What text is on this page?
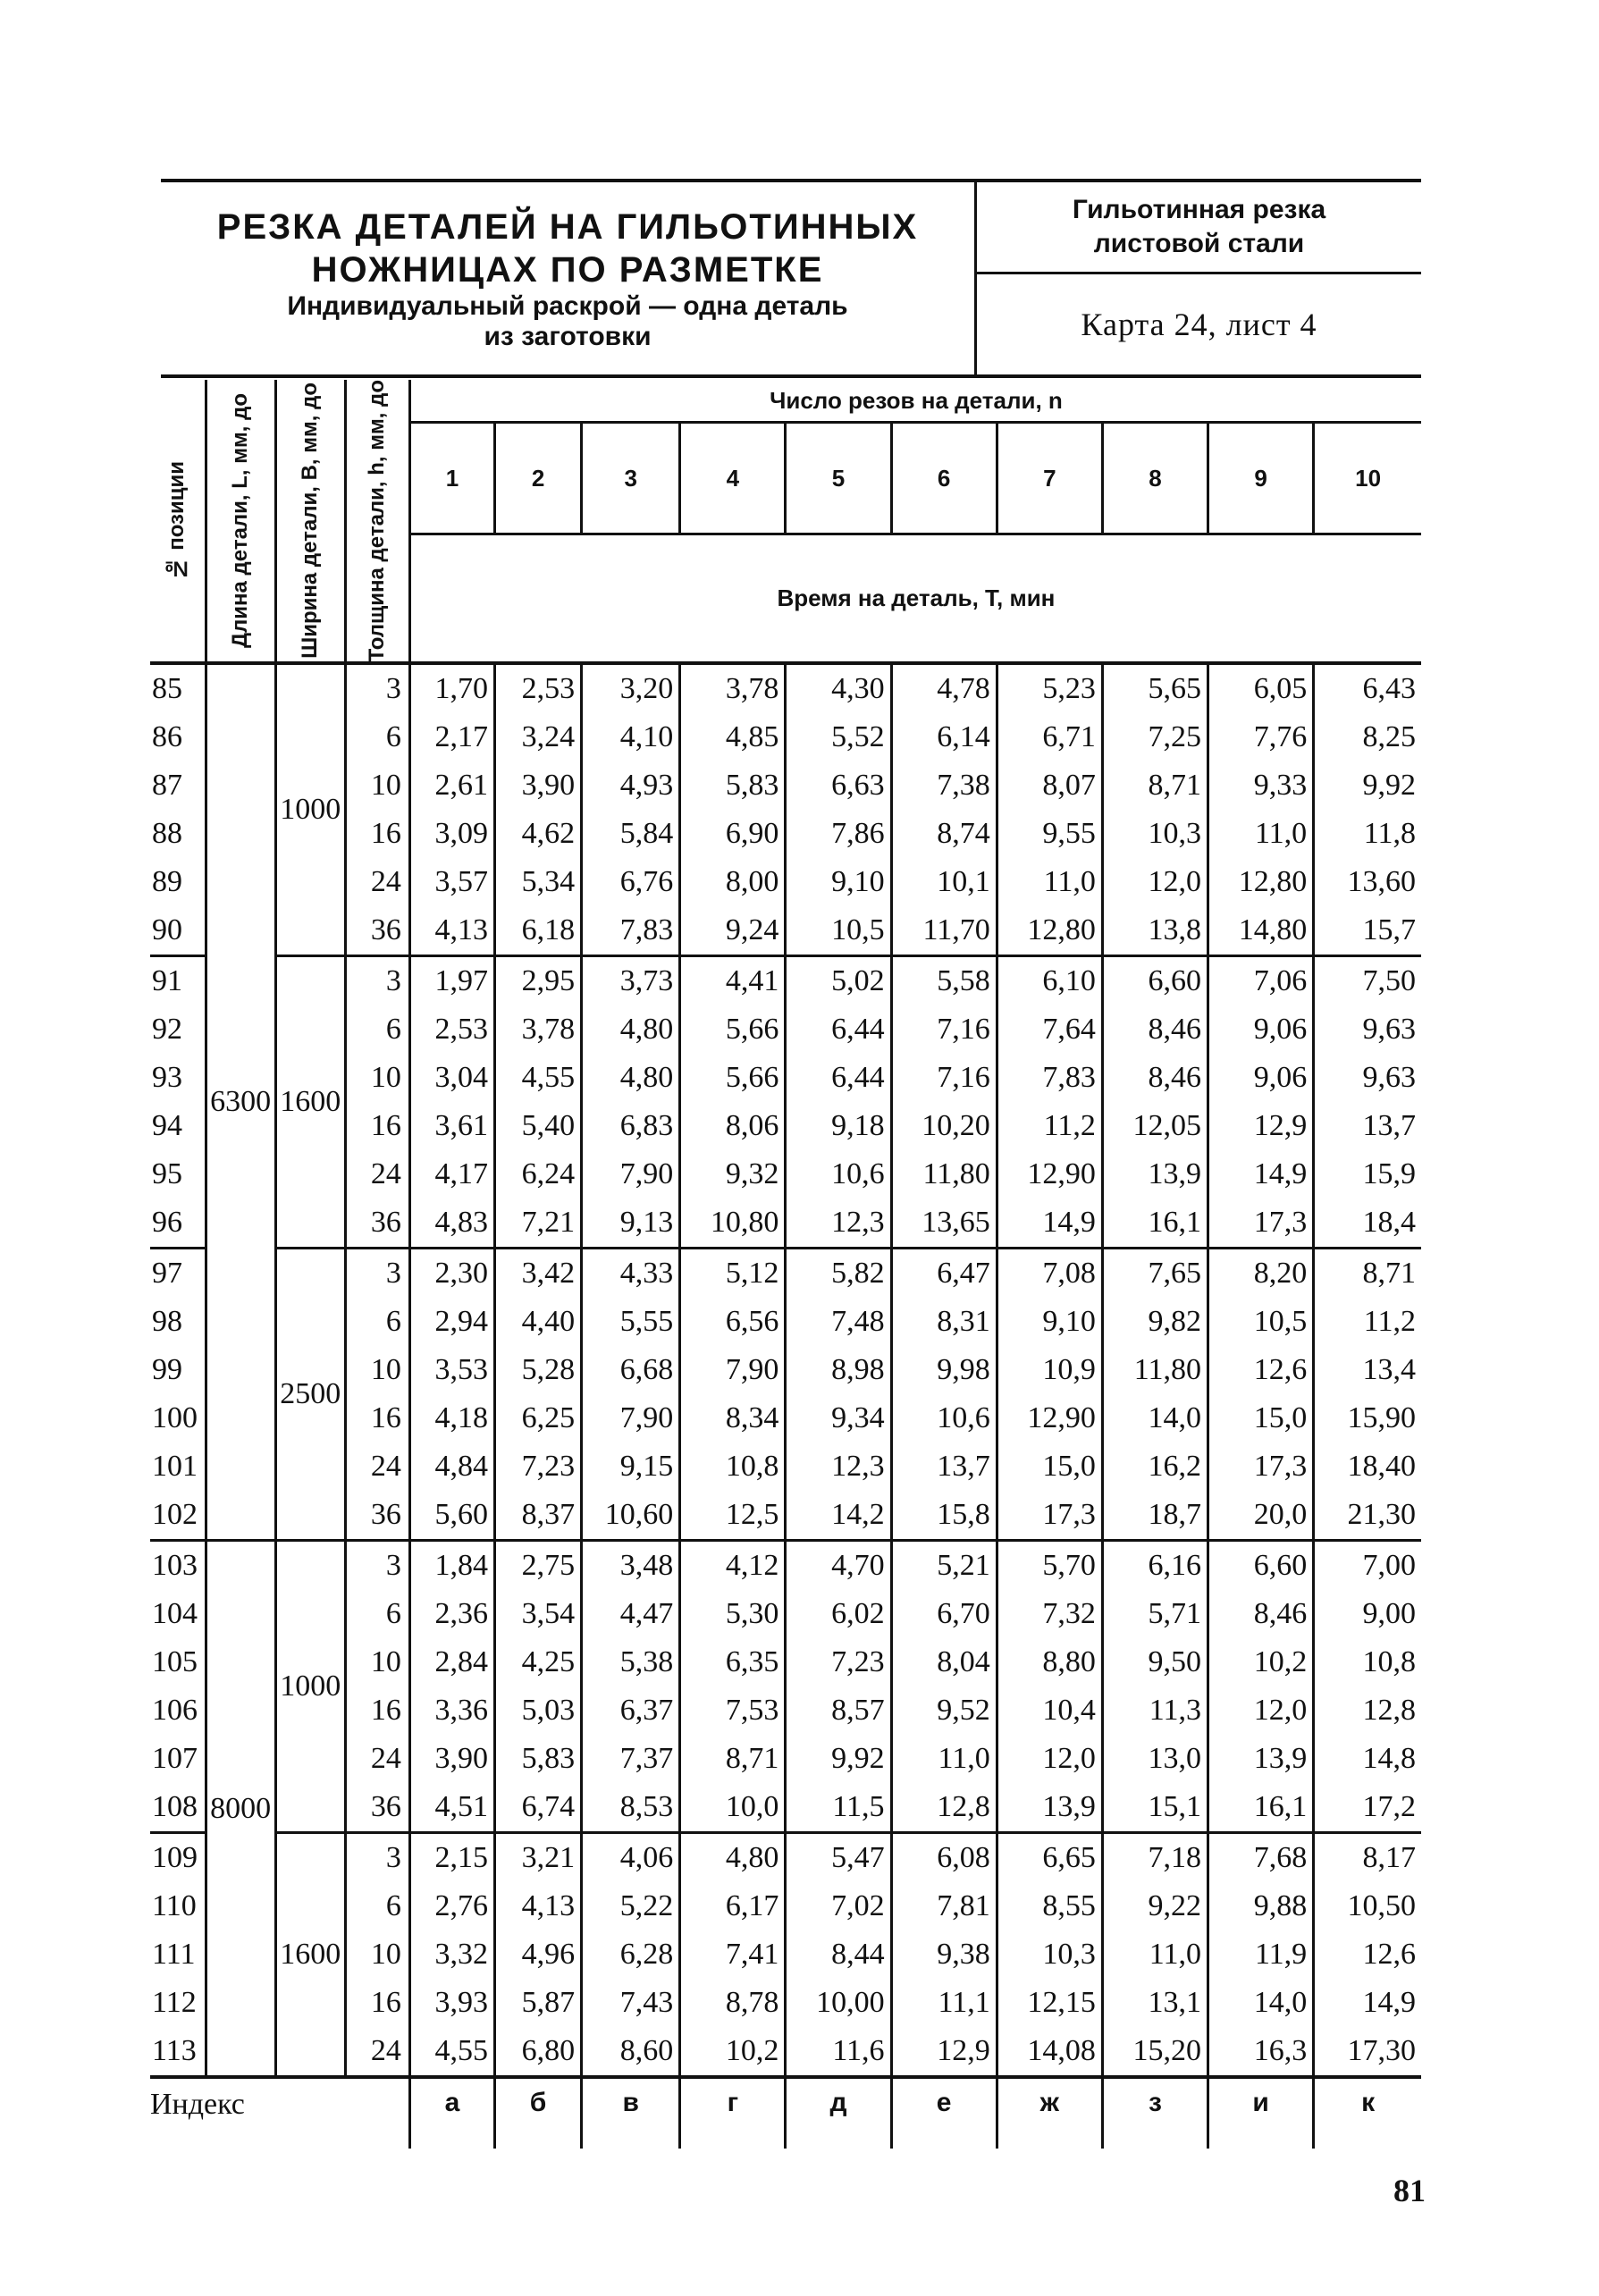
РЕЗКА ДЕТАЛЕЙ НА ГИЛЬОТИННЫХ
НОЖНИЦАХ ПО РАЗМЕТКЕ
Индивидуальный раскрой — одна деталь
из заготовки
Гильотинная резка
листовой стали
Карта 24, лист 4
№ позиции	Длина детали, L, мм, до	Ширина детали, B, мм, до	Толщина детали, h, мм, до	Число резов на детали, n									
				1	2	3	4	5	6	7	8	9	10
				Время на деталь, T, мин									
85	6300	1000	3	1,70	2,53	3,20	3,78	4,30	4,78	5,23	5,65	6,05	6,43
86			6	2,17	3,24	4,10	4,85	5,52	6,14	6,71	7,25	7,76	8,25
87			10	2,61	3,90	4,93	5,83	6,63	7,38	8,07	8,71	9,33	9,92
88			16	3,09	4,62	5,84	6,90	7,86	8,74	9,55	10,3	11,0	11,8
89			24	3,57	5,34	6,76	8,00	9,10	10,1	11,0	12,0	12,80	13,60
90			36	4,13	6,18	7,83	9,24	10,5	11,70	12,80	13,8	14,80	15,7
91		1600	3	1,97	2,95	3,73	4,41	5,02	5,58	6,10	6,60	7,06	7,50
92			6	2,53	3,78	4,80	5,66	6,44	7,16	7,64	8,46	9,06	9,63
93			10	3,04	4,55	4,80	5,66	6,44	7,16	7,83	8,46	9,06	9,63
94			16	3,61	5,40	6,83	8,06	9,18	10,20	11,2	12,05	12,9	13,7
95			24	4,17	6,24	7,90	9,32	10,6	11,80	12,90	13,9	14,9	15,9
96			36	4,83	7,21	9,13	10,80	12,3	13,65	14,9	16,1	17,3	18,4
97		2500	3	2,30	3,42	4,33	5,12	5,82	6,47	7,08	7,65	8,20	8,71
98			6	2,94	4,40	5,55	6,56	7,48	8,31	9,10	9,82	10,5	11,2
99			10	3,53	5,28	6,68	7,90	8,98	9,98	10,9	11,80	12,6	13,4
100			16	4,18	6,25	7,90	8,34	9,34	10,6	12,90	14,0	15,0	15,90
101			24	4,84	7,23	9,15	10,8	12,3	13,7	15,0	16,2	17,3	18,40
102			36	5,60	8,37	10,60	12,5	14,2	15,8	17,3	18,7	20,0	21,30
103	8000	1000	3	1,84	2,75	3,48	4,12	4,70	5,21	5,70	6,16	6,60	7,00
104			6	2,36	3,54	4,47	5,30	6,02	6,70	7,32	5,71	8,46	9,00
105			10	2,84	4,25	5,38	6,35	7,23	8,04	8,80	9,50	10,2	10,8
106			16	3,36	5,03	6,37	7,53	8,57	9,52	10,4	11,3	12,0	12,8
107			24	3,90	5,83	7,37	8,71	9,92	11,0	12,0	13,0	13,9	14,8
108			36	4,51	6,74	8,53	10,0	11,5	12,8	13,9	15,1	16,1	17,2
109		1600	3	2,15	3,21	4,06	4,80	5,47	6,08	6,65	7,18	7,68	8,17
110			6	2,76	4,13	5,22	6,17	7,02	7,81	8,55	9,22	9,88	10,50
111			10	3,32	4,96	6,28	7,41	8,44	9,38	10,3	11,0	11,9	12,6
112			16	3,93	5,87	7,43	8,78	10,00	11,1	12,15	13,1	14,0	14,9
113			24	4,55	6,80	8,60	10,2	11,6	12,9	14,08	15,20	16,3	17,30
Индекс				а	б	в	г	д	е	ж	з	и	к
81
